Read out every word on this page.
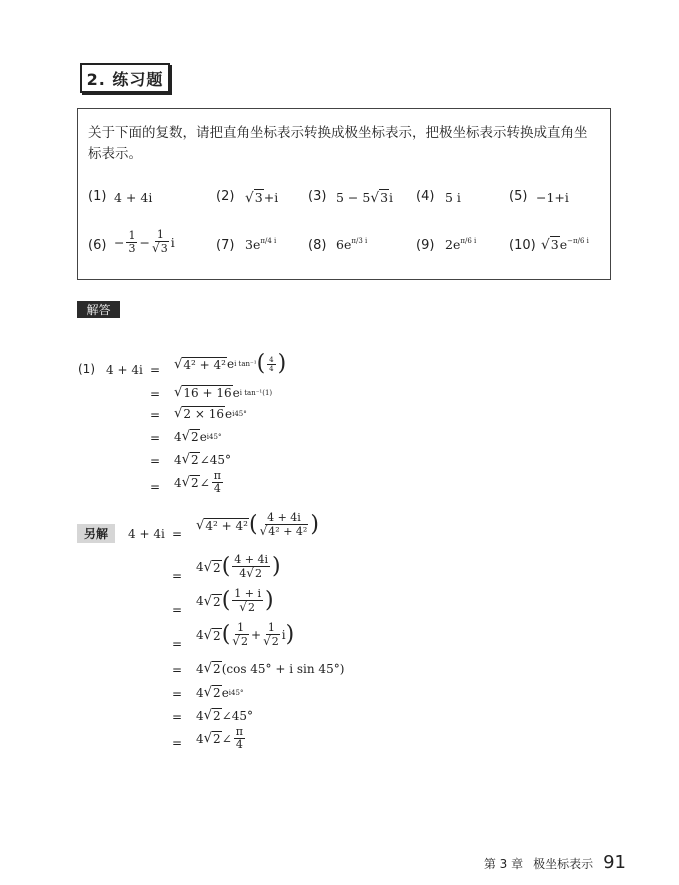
2. 练习题
关于下面的复数，请把直角坐标表示转换成极坐标表示，把极坐标表示转换成直角坐标表示。
(1) 4 + 4i	(2) √3+i (3) 5 − 5√3i (4) 5 i	(5) −1+i
$(6) - \frac{1}{3} - \frac{1}{√3}$ i	(7) $3e^{\pi/4 i}$ (8) $6e^{\pi/3 i}$	(9) $2e^{\pi/6 i}$	(10) $√3e^{-\pi/6 i}$
解答
(1) 4 + 4i = √ 4² + 4² e i tan⁻¹ ( $\frac{4}{4}$ )
= √ 16 + 16 e i tan⁻¹(1)
= √ 2 × 16 e i45°
= 4 √ 2 e i45°
= 4 √ 2 ∠45°
= 4 √ 2 ∠ $\frac{\pi}{4}$
另解 4 + 4i =
√ 4² + 4² ( $\frac{4 + 4i}{\text{√4² + 4²}}$ )
=
4 √ 2 ( $\frac{4 + 4i}{4√2}$ )
=
4 √ 2 ( $\frac{1 + i}{√2}$ )
=
4 √ 2 ( $\frac{1}{√2} + \frac{1}{√2}$ i )
= 4 √ 2 (cos 45° + i sin 45°)
= 4 √ 2 e i45°
= 4 √ 2 ∠45°
= 4 √ 2 ∠ $\frac{\pi}{4}$
第 3 章 极坐标表示 91
